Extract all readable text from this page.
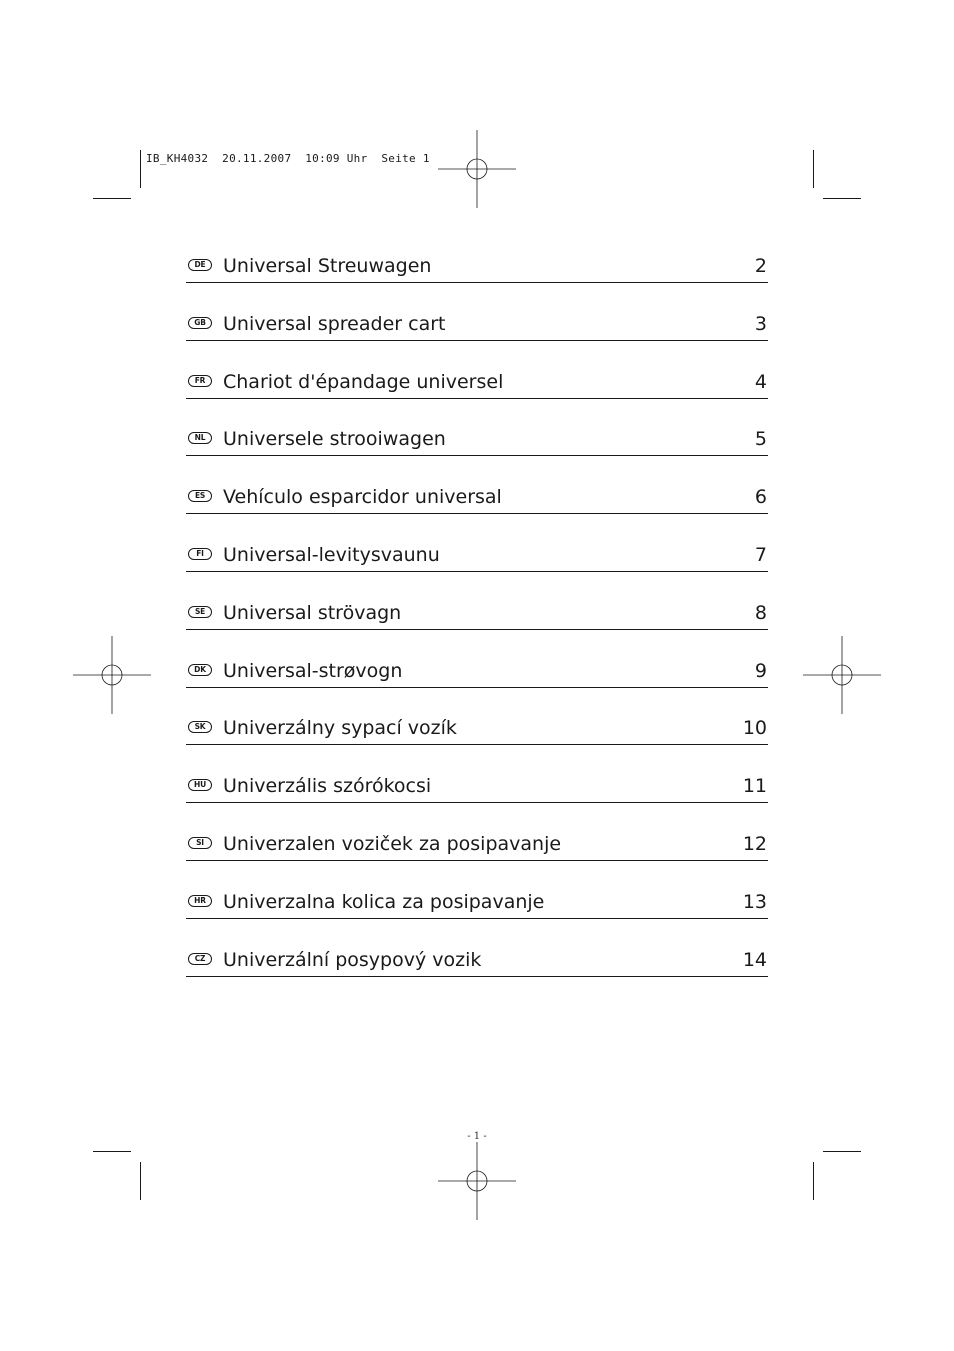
IB_KH4032  20.11.2007  10:09 Uhr  Seite 1
DE Universal Streuwagen	2
GB Universal spreader cart	3
FR Chariot d'épandage universel	4
NL Universele strooiwagen	5
ES Vehículo esparcidor universal	6
FI	Universal-levitysvaunu	7
SE Universal strövagn	8
DK Universal-strøvogn	9
SK Univerzálny sypací vozík	10
HU Univerzális szórókocsi	11
SI	Univerzalen voziček za posipavanje	12
HR Univerzalna kolica za posipavanje	13
CZ Univerzální posypový vozik	14
- 1 -
